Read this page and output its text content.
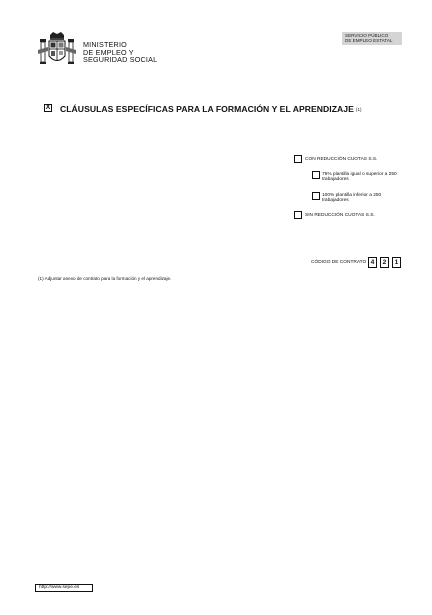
MINISTERIO
DE EMPLEO Y
SEGURIDAD SOCIAL
SERVICIO PÚBLICO
DE EMPLEO ESTATAL
X CLÁUSULAS ESPECÍFICAS PARA LA FORMACIÓN Y EL APRENDIZAJE (1)
CON REDUCCIÓN CUOTAS S.S.
75% plantilla igual o superior a 250 trabajadores
100% plantilla inferior a 250 trabajadores
SIN REDUCCIÓN CUOTAS S.S.
CÓDIGO DE CONTRATO 4	2	1
(1) Adjuntar anexo de contrato para la formación y el aprendizaje.
http://www.sepe.es
